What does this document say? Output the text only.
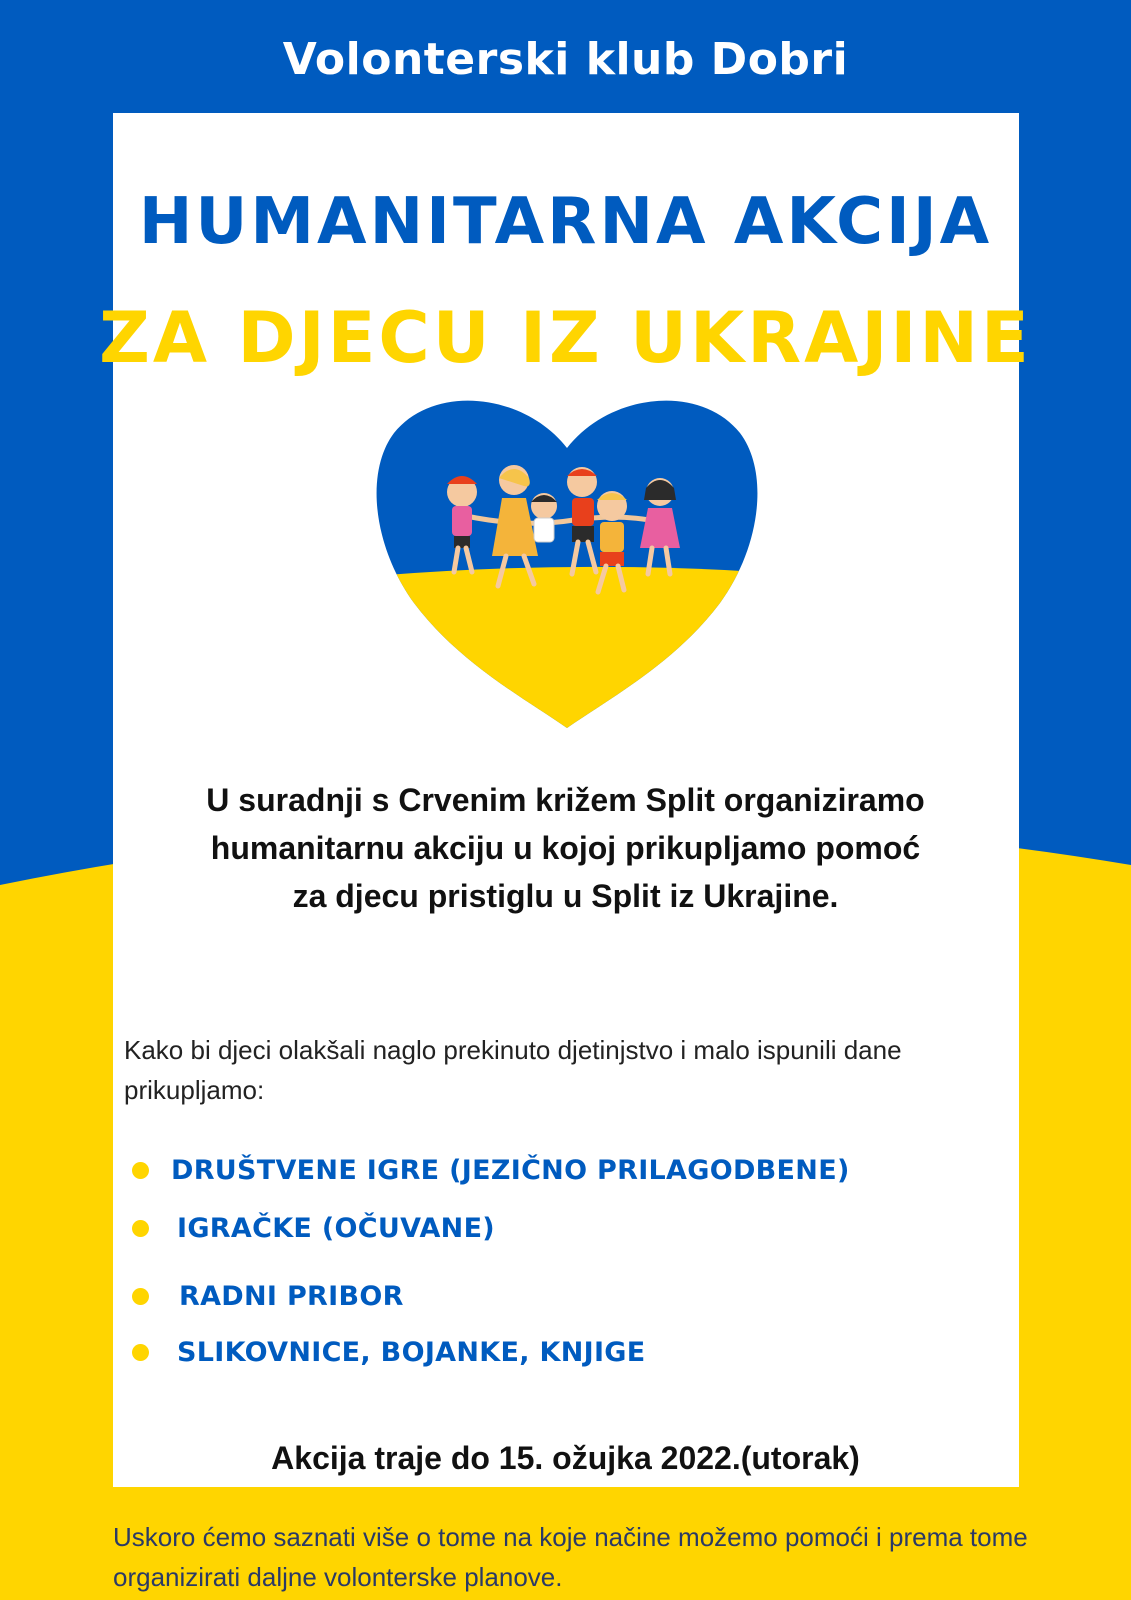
Volonterski klub Dobri
HUMANITARNA AKCIJA
ZA DJECU IZ UKRAJINE
U suradnji s Crvenim križem Split organiziramo humanitarnu akciju u kojoj prikupljamo pomoć za djecu pristiglu u Split iz Ukrajine.
Kako bi djeci olakšali naglo prekinuto djetinjstvo i malo ispunili dane prikupljamo:
DRUŠTVENE IGRE (JEZIČNO PRILAGODBENE)
IGRAČKE (OČUVANE)
RADNI PRIBOR
SLIKOVNICE, BOJANKE, KNJIGE
Akcija traje do 15. ožujka 2022.(utorak)
Uskoro ćemo saznati više o tome na koje načine možemo pomoći i prema tome organizirati daljne volonterske planove.
